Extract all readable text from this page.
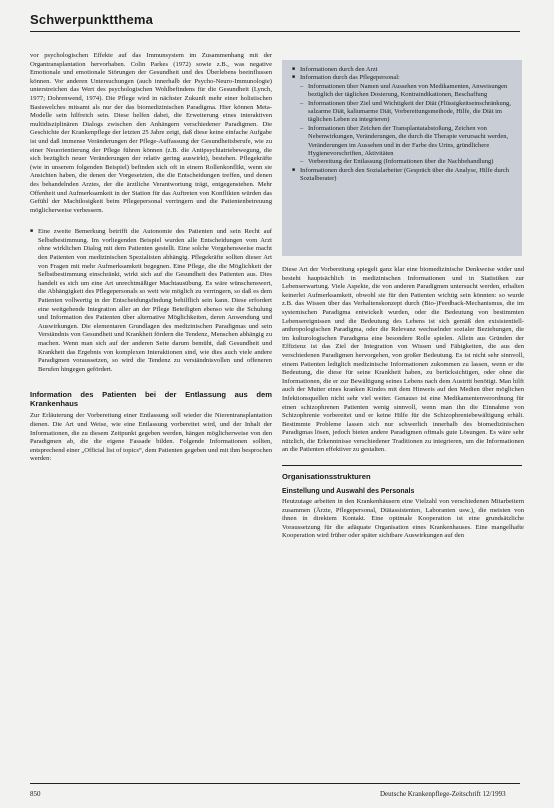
Schwerpunktthema

vor psychologischen Effekte auf das Immunsystem im Zusammenhang mit der Organtransplantation hervorhaben. Colin Parkes (1972) sowie z.B., was negative Emotionale und emotionale Störungen der Gesundheit und des Überlebens beeinflussen können. Vor anderen Untersuchungen (auch innerhalb der Psycho-Neuro-Immunologie) unterstreichen das Wert des psychologischen Wohlbefindens für die Gesundheit (Lynch, 1977; Dohrenwend, 1974). Die Pflege wird in nächster Zukunft mehr einer holistischen Basiswelches mitsamt als nur der das biomedizinischen Paradigma. Hier können Meta-Modelle sein hilfreich sein. Diese helfen dabei, die Erweiterung eines interaktiven multidisziplinären Dialogs zwischen den Anhängern verschiedener Paradigmen. Die Geschichte der Krankenpflege der letzten 25 Jahre zeigt, daß diese keine einfache Aufgabe ist und daß immense Veränderungen der Pflege-Auffassung der Gesundheitsberufe, wie zu einer Neuorientierung der Pflege führen können (z.B. die Antipsychiatriebewegung, die sich bezüglich neuer Veränderungen der relativ gering auswirkt), bestehen. Pflegekräfte (wie in unserem folgenden Beispiel) befinden sich oft in einem Rollenkonflikt, wenn sie Ansichten haben, die denen der Vorgesetzten, die die Entscheidungen treffen, und denen des behandelnden Arztes, der die ärztliche Verantwortung trägt, entgegenstehen. Mehr Offenheit und Aufmerksamkeit in der Station für das Auftreten von Konflikten würden das Gefühl der Machtlosigkeit beim Pflegepersonal verringern und die Patientenbetreuung möglicherweise verbessern.

■ Eine zweite Bemerkung betrifft die Autonomie des Patienten und sein Recht auf Selbstbestimmung. Im vorliegenden Beispiel wurden alle Entscheidungen vom Arzt ohne wirklichen Dialog mit dem Patienten gestellt. Eine solche Vorgehensweise macht den Patienten von medizinischen Spezialisten abhängig. Pflegekräfte sollten dieser Art von Fragen mit mehr Aufmerksamkeit begegnen. Eine Pflege, die die Möglichkeit der Selbstbestimmung einschränkt, wirkt sich auf die Gesundheit des Patienten aus. Dies handelt es sich um eine Art unrechtmäßiger Machtausübung. Es wäre wünschenswert, die Abhängigkeit des Pflegepersonals so weit wie möglich zu verringern, so daß es dem Patienten vollwertig in der Entscheidungsfindung behilflich sein kann. Diese erfordert eine weitgehende Integration aller an der Pflege Beteiligten ebenso wie die Schulung und Information des Patienten über alternative Möglichkeiten, deren Anwendung und Auswirkungen. Die elementaren Grundlagen des medizinischen Paradigmas und sein Verständnis von Gesundheit und Krankheit fördern die Tendenz, Menschen abhängig zu machen. Wenn man sich auf der anderen Seite darum bemüht, daß Gesundheit und Krankheit das Ergebnis von komplexen Interaktionen sind, wie dies auch viele andere Paradigmen voraussetzen, so wird die Tendenz zu verständnisvollen und offeneren Berufen hingegen gefördert.

Information des Patienten bei der Entlassung aus dem Krankenhaus

Zur Erläuterung der Vorbereitung einer Entlassung soll wieder die Nierentransplantation dienen. Die Art und Weise, wie eine Entlassung vorbereitet wird, und der Inhalt der Informationen, die zu diesem Zeitpunkt gegeben werden, hängen möglicherweise von den Paradigmen ab, die die eigene Fassade bilden. Folgende Informationen sollten, entsprechend einer „Official list of topics“, dem Patienten gegeben und mit ihm besprochen werden:

■ Informationen durch den Arzt
■ Information durch das Pflegepersonal:
– Informationen über Namen und Aussehen von Medikamenten, Anweisungen bezüglich der täglichen Dosierung, Kontraindikationen, Beschaffung
– Informationen über Ziel und Wichtigkeit der Diät (Flüssigkeitseinschränkung, salzarme Diät, kaliumarme Diät, Vorbereitungsmethode, Hilfe, die Diät im täglichen Leben zu integrieren)
– Informationen über Zeichen der Transplantatabstoßung, Zeichen von Nebenwirkungen, Veränderungen, die durch die Therapie verursacht werden, Veränderungen im Aussehen und in der Farbe des Urins, gründlichere Hygienevorschriften, Aktivitäten
– Vorbereitung der Entlassung (Informationen über die Nachbehandlung)
■ Informationen durch den Sozialarbeiter (Gespräch über die Analyse, Hilfe durch Sozialberater)

Diese Art der Vorbereitung spiegelt ganz klar eine biomedizinische Denkweise wider und besteht hauptsächlich in medizinischen Informationen und in Statistiken zur Lebenserwartung. Viele Aspekte, die von anderen Paradigmen untersucht werden, erhalten keinerlei Aufmerksamkeit, obwohl sie für den Patienten wichtig sein könnten: so wurde z.B. das Wissen über das Verhaltenskonzept durch (Bio-)Feedback-Mechanismus, die im systemischen Paradigma entwickelt wurden, oder die Bedeutung von bestimmten Lebensereignissen und die Bedeutung des Lebens ist sich gemäß den exisistentiell-anthropologischen Paradigma, oder die Relevanz wechselnder sozialer Beziehungen, die im kulturologischen Paradigma eine besondere Rolle spielen. Allein aus Gründen der Effizienz ist das Ziel der Integration von Wissen und Fähigkeiten, die aus den verschiedenen Paradigmen hervorgehen, von großer Bedeutung. Es ist nicht sehr sinnvoll, einem Patienten lediglich medizinische Informationen zukommen zu lassen, wenn er die Bedeutung, die diese für seine Krankheit haben, zu berücksichtigen, oder ohne die Informationen, die er zur Bewältigung seines Lebens nach dem Austritt benötigt. Man hilft auch der Mutter eines kranken Kindes mit dem Hinweis auf den Medien über möglichen Infektionsquellen nicht sehr viel weiter. Genauso ist eine Medikamentenverordnung für einen schizophrenen Patienten wenig sinnvoll, wenn man ihn die Einnahme von Schizophrenie vorbereitet und er keine Hilfe für die Schizophreniebewältigung erhält. Bestimmte Probleme lassen sich nur schwerlich innerhalb des biomedizinischen Paradigmas lösen, jedoch bieten andere Paradigmen oftmals gute Lösungen. Es wäre sehr nützlich, die Erkenntnisse verschiedener Traditionen zu integrieren, um die Informationen an die Patienten effektiver zu gestalten.

Organisationsstrukturen
Einstellung und Auswahl des Personals

Heutzutage arbeiten in den Krankenhäusern eine Vielzahl von verschiedenen Mitarbeitern zusammen (Ärzte, Pflegepersonal, Diätassistenten, Laboranten usw.), die meisten von ihnen in direktem Kontakt. Eine optimale Kooperation ist eine grundsätzliche Voraussetzung für die adäquate Organisation eines Krankenhauses. Eine mangelhafte Kooperation wird früher oder später sichtbare Auswirkungen auf den

850	Deutsche Krankenpflege-Zeitschrift 12/1993
